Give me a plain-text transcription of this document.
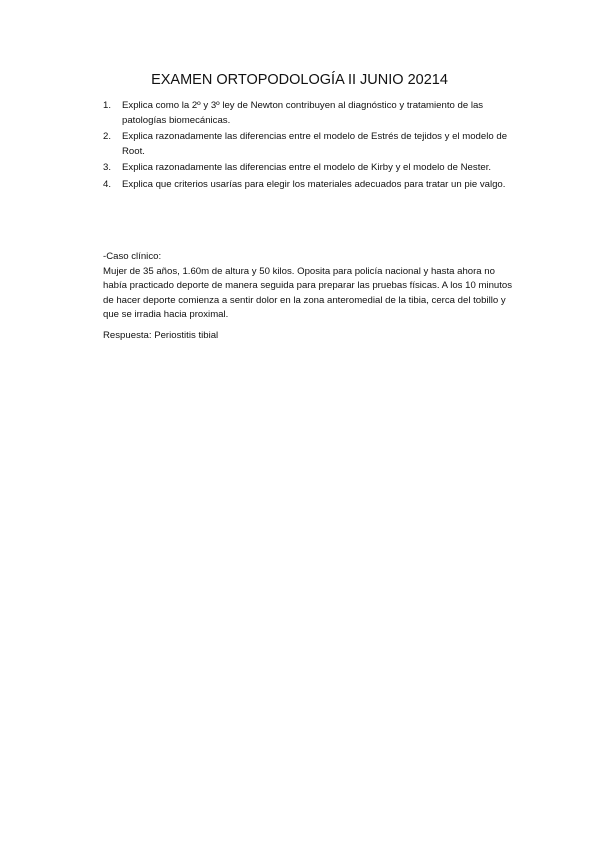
EXAMEN ORTOPODOLOGÍA II JUNIO 20214
1. Explica como la 2º y 3º ley de Newton contribuyen al diagnóstico y tratamiento de las patologías biomecánicas.
2. Explica razonadamente las diferencias entre el modelo de Estrés de tejidos y el modelo de Root.
3. Explica razonadamente las diferencias entre el modelo de Kirby y el modelo de Nester.
4. Explica que criterios usarías para elegir los materiales adecuados para tratar un pie valgo.

-Caso clínico:

Mujer de 35 años, 1.60m de altura y 50 kilos. Oposita para policía nacional y hasta ahora no había practicado deporte de manera seguida para preparar las pruebas físicas. A los 10 minutos de hacer deporte comienza a sentir dolor en la zona anteromedial de la tibia, cerca del tobillo y que se irradia hacia proximal.

Respuesta: Periostitis tibial
